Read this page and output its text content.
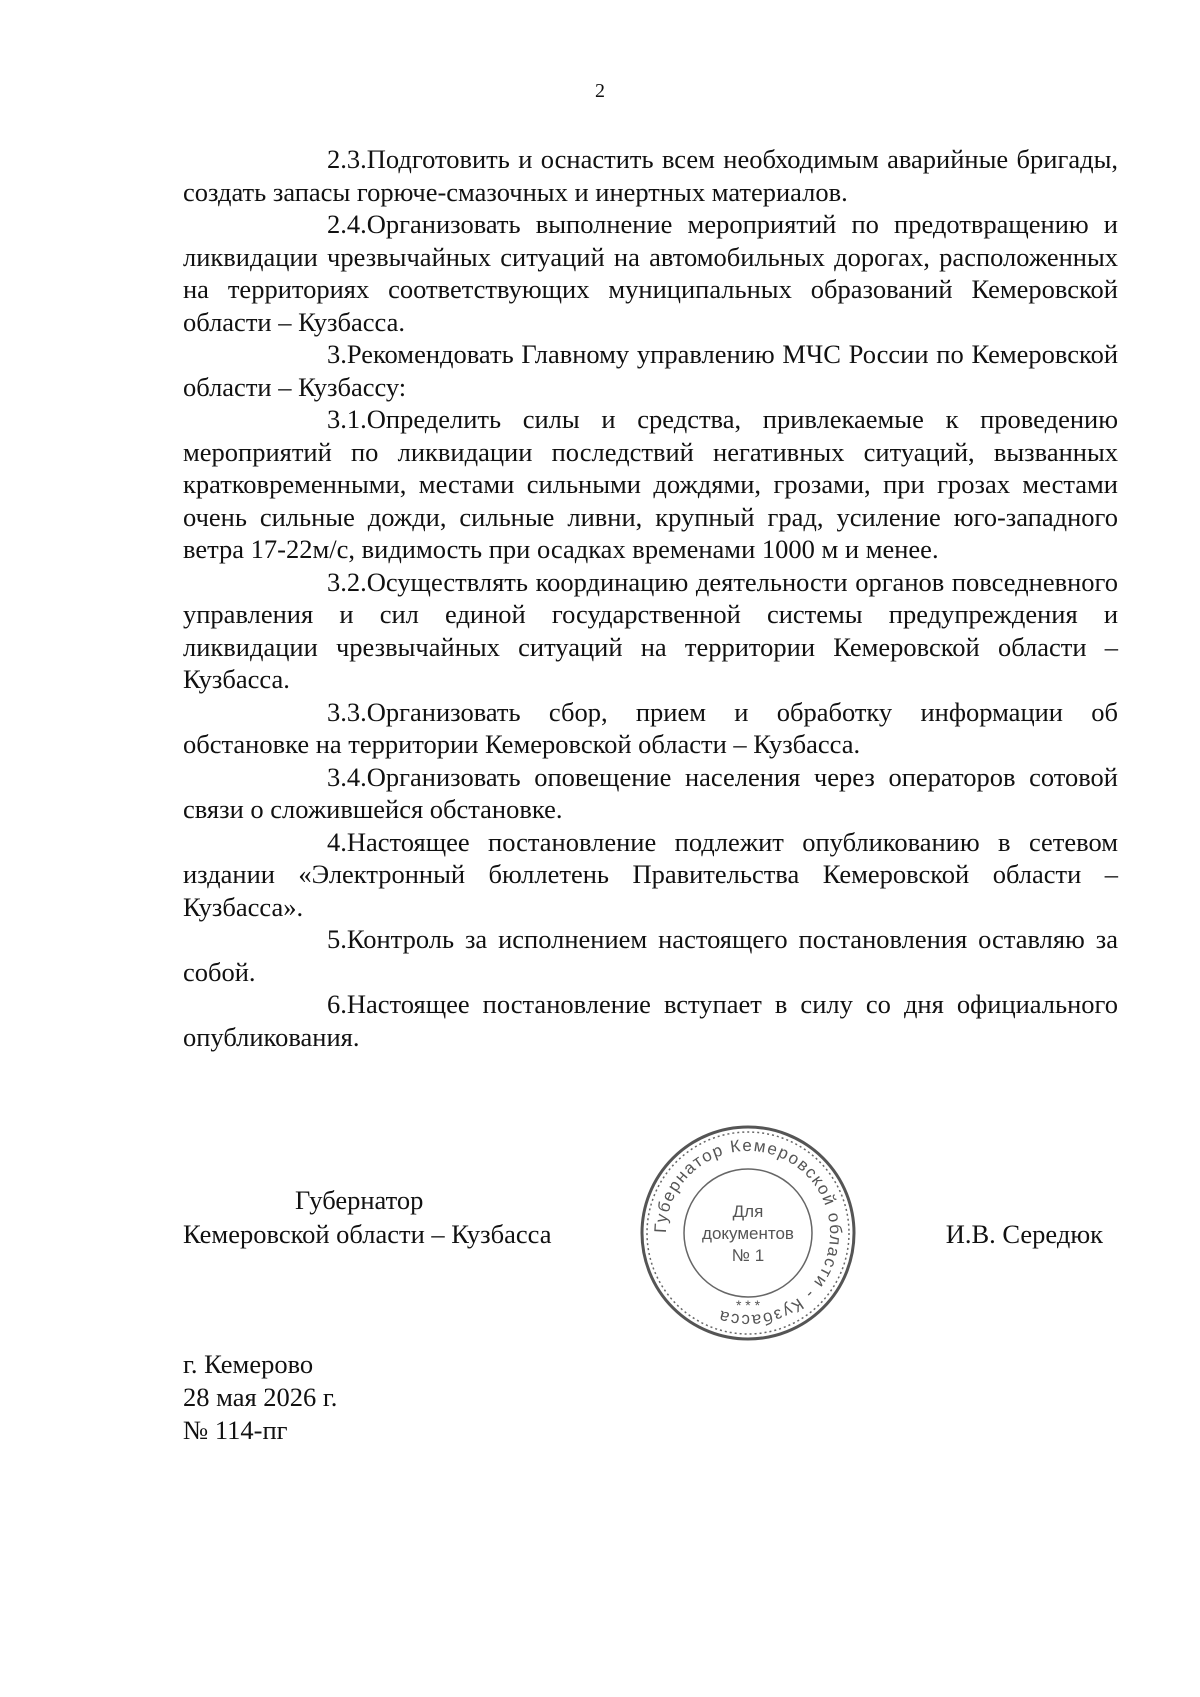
2

2.3.Подготовить и оснастить всем необходимым аварийные бригады, создать запасы горюче-смазочных и инертных материалов.

2.4.Организовать выполнение мероприятий по предотвращению и ликвидации чрезвычайных ситуаций на автомобильных дорогах, расположенных на территориях соответствующих муниципальных образований Кемеровской области – Кузбасса.

3.Рекомендовать Главному управлению МЧС России по Кемеровской области – Кузбассу:

3.1.Определить силы и средства, привлекаемые к проведению мероприятий по ликвидации последствий негативных ситуаций, вызванных кратковременными, местами сильными дождями, грозами, при грозах местами очень сильные дожди, сильные ливни, крупный град, усиление юго-западного ветра 17-22м/с, видимость при осадках временами 1000 м и менее.

3.2.Осуществлять координацию деятельности органов повседневного управления и сил единой государственной системы предупреждения и ликвидации чрезвычайных ситуаций на территории Кемеровской области – Кузбасса.

3.3.Организовать сбор, прием и обработку информации об обстановке на территории Кемеровской области – Кузбасса.

3.4.Организовать оповещение населения через операторов сотовой связи о сложившейся обстановке.

4.Настоящее постановление подлежит опубликованию в сетевом издании «Электронный бюллетень Правительства Кемеровской области – Кузбасса».

5.Контроль за исполнением настоящего постановления оставляю за собой.

6.Настоящее постановление вступает в силу со дня официального опубликования.

Губернатор
Кемеровской области – Кузбасса	И.В. Середюк
Губернатор Кемеровской области - Кузбасса
Для
документов
№ 1
* * *
г. Кемерово
28 мая 2026 г.
№ 114-пг
